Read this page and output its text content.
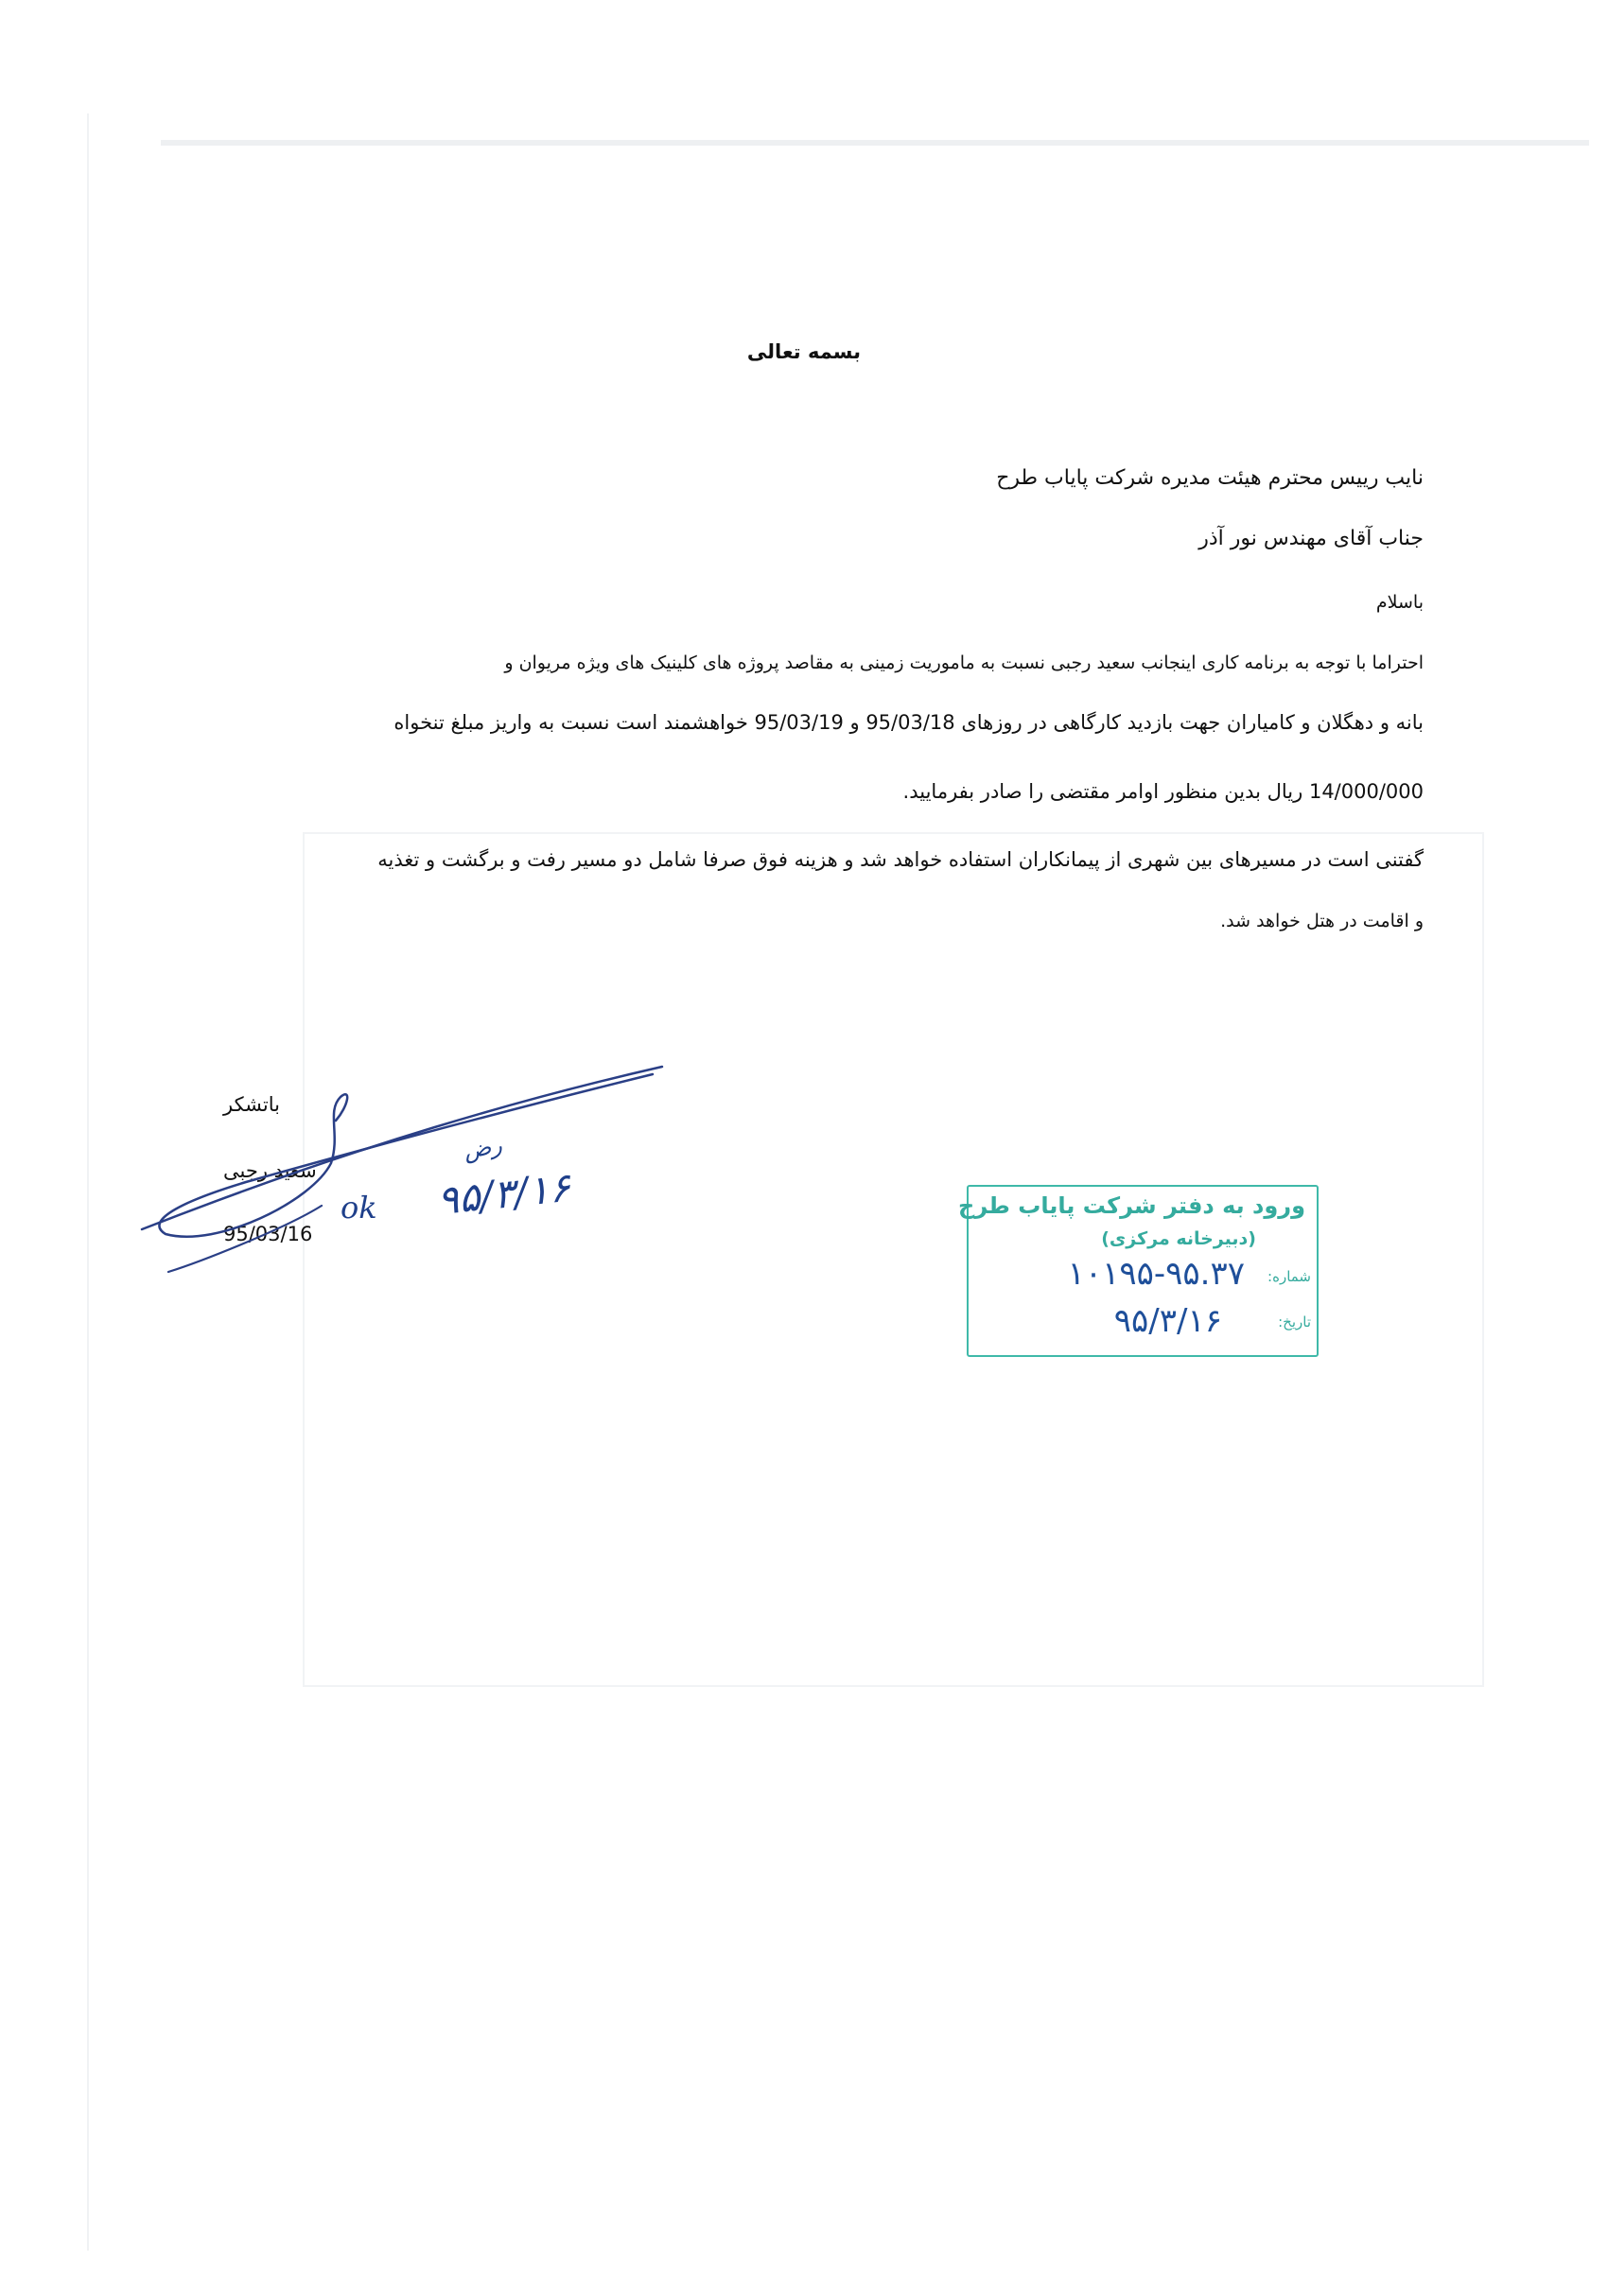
بسمه تعالی
نایب رییس محترم هیئت مدیره شرکت پایاب طرح
جناب آقای مهندس نور آذر
باسلام
احتراما با توجه به برنامه کاری اینجانب سعید رجبی نسبت به ماموریت زمینی به مقاصد پروژه های کلینیک های ویژه مریوان و
بانه و دهگلان و کامیاران جهت بازدید کارگاهی در روزهای 95/03/18 و 95/03/19 خواهشمند است نسبت به واریز مبلغ تنخواه
14/000/000 ریال بدین منظور اوامر مقتضی را صادر بفرمایید.
گفتنی است در مسیرهای بین شهری از پیمانکاران استفاده خواهد شد و هزینه فوق صرفا شامل دو مسیر رفت و برگشت و تغذیه
و اقامت در هتل خواهد شد.
باتشکر
سعید رجبی
95/03/16
رض
۹۵/۳/۱۶
ok	ورود به دفتر شرکت پایاب طرح
(دبیرخانه مرکزی)
شماره:
۱۰۱۹۵-۹۵.۳۷
تاریخ:
۹۵/۳/۱۶
